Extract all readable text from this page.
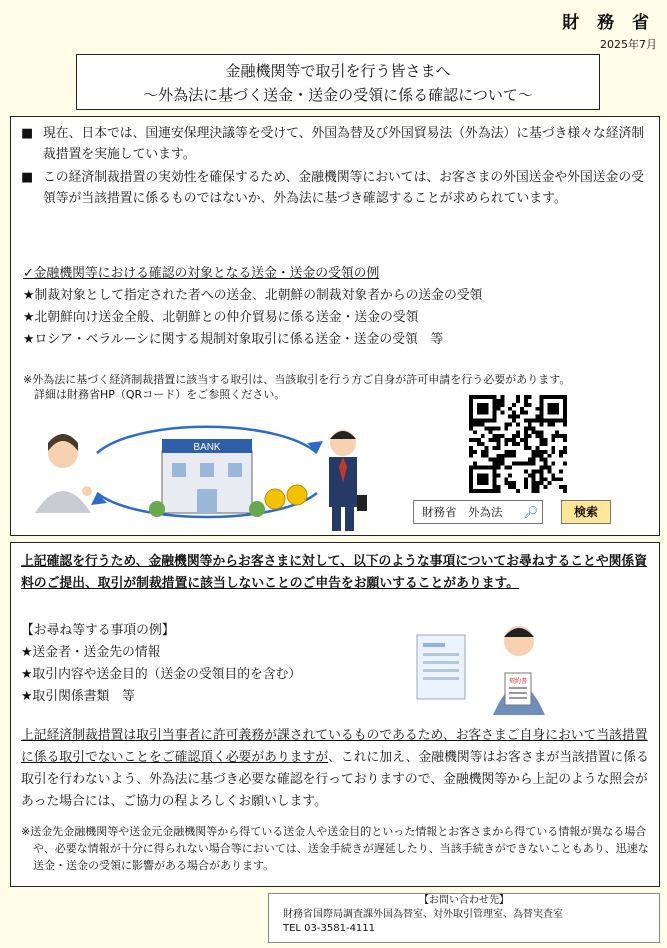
財 務 省
2025年7月
金融機関等で取引を行う皆さまへ
～外為法に基づく送金・送金の受領に係る確認について～
■ 現在、日本では、国連安保理決議等を受けて、外国為替及び外国貿易法（外為法）に基づき様々な経済制裁措置を実施しています。
■ この経済制裁措置の実効性を確保するため、金融機関等においては、お客さまの外国送金や外国送金の受領等が当該措置に係るものではないか、外為法に基づき確認することが求められています。
✓金融機関等における確認の対象となる送金・送金の受領の例
★制裁対象として指定された者への送金、北朝鮮の制裁対象者からの送金の受領
★北朝鮮向け送金全般、北朝鮮との仲介貿易に係る送金・送金の受領
★ロシア・ベラルーシに関する規制対象取引に係る送金・送金の受領　等
※外為法に基づく経済制裁措置に該当する取引は、当該取引を行う方ご自身が許可申請を行う必要があります。
　詳細は財務省HP（QRコード）をご参照ください。
BANK
財務省　外為法 🔎︎	検索
上記確認を行うため、金融機関等からお客さまに対して、以下のような事項についてお尋ねすることや関係資料のご提出、取引が制裁措置に該当しないことのご申告をお願いすることがあります。
【お尋ね等する事項の例】
★送金者・送金先の情報
★取引内容や送金目的（送金の受領目的を含む）
★取引関係書類　等
契約書
上記経済制裁措置は取引当事者に許可義務が課されているものであるため、お客さまご自身において当該措置に係る取引でないことをご確認頂く必要がありますが、これに加え、金融機関等はお客さまが当該措置に係る取引を行わないよう、外為法に基づき必要な確認を行っておりますので、金融機関等から上記のような照会があった場合には、ご協力の程よろしくお願いします。
※送金先金融機関等や送金元金融機関等から得ている送金人や送金目的といった情報とお客さまから得ている情報が異なる場合や、必要な情報が十分に得られない場合等においては、送金手続きが遅延したり、当該手続きができないこともあり、迅速な送金・送金の受領に影響がある場合があります。
【お問い合わせ先】
財務省国際局調査課外国為替室、対外取引管理室、為替実査室
TEL 03-3581-4111
